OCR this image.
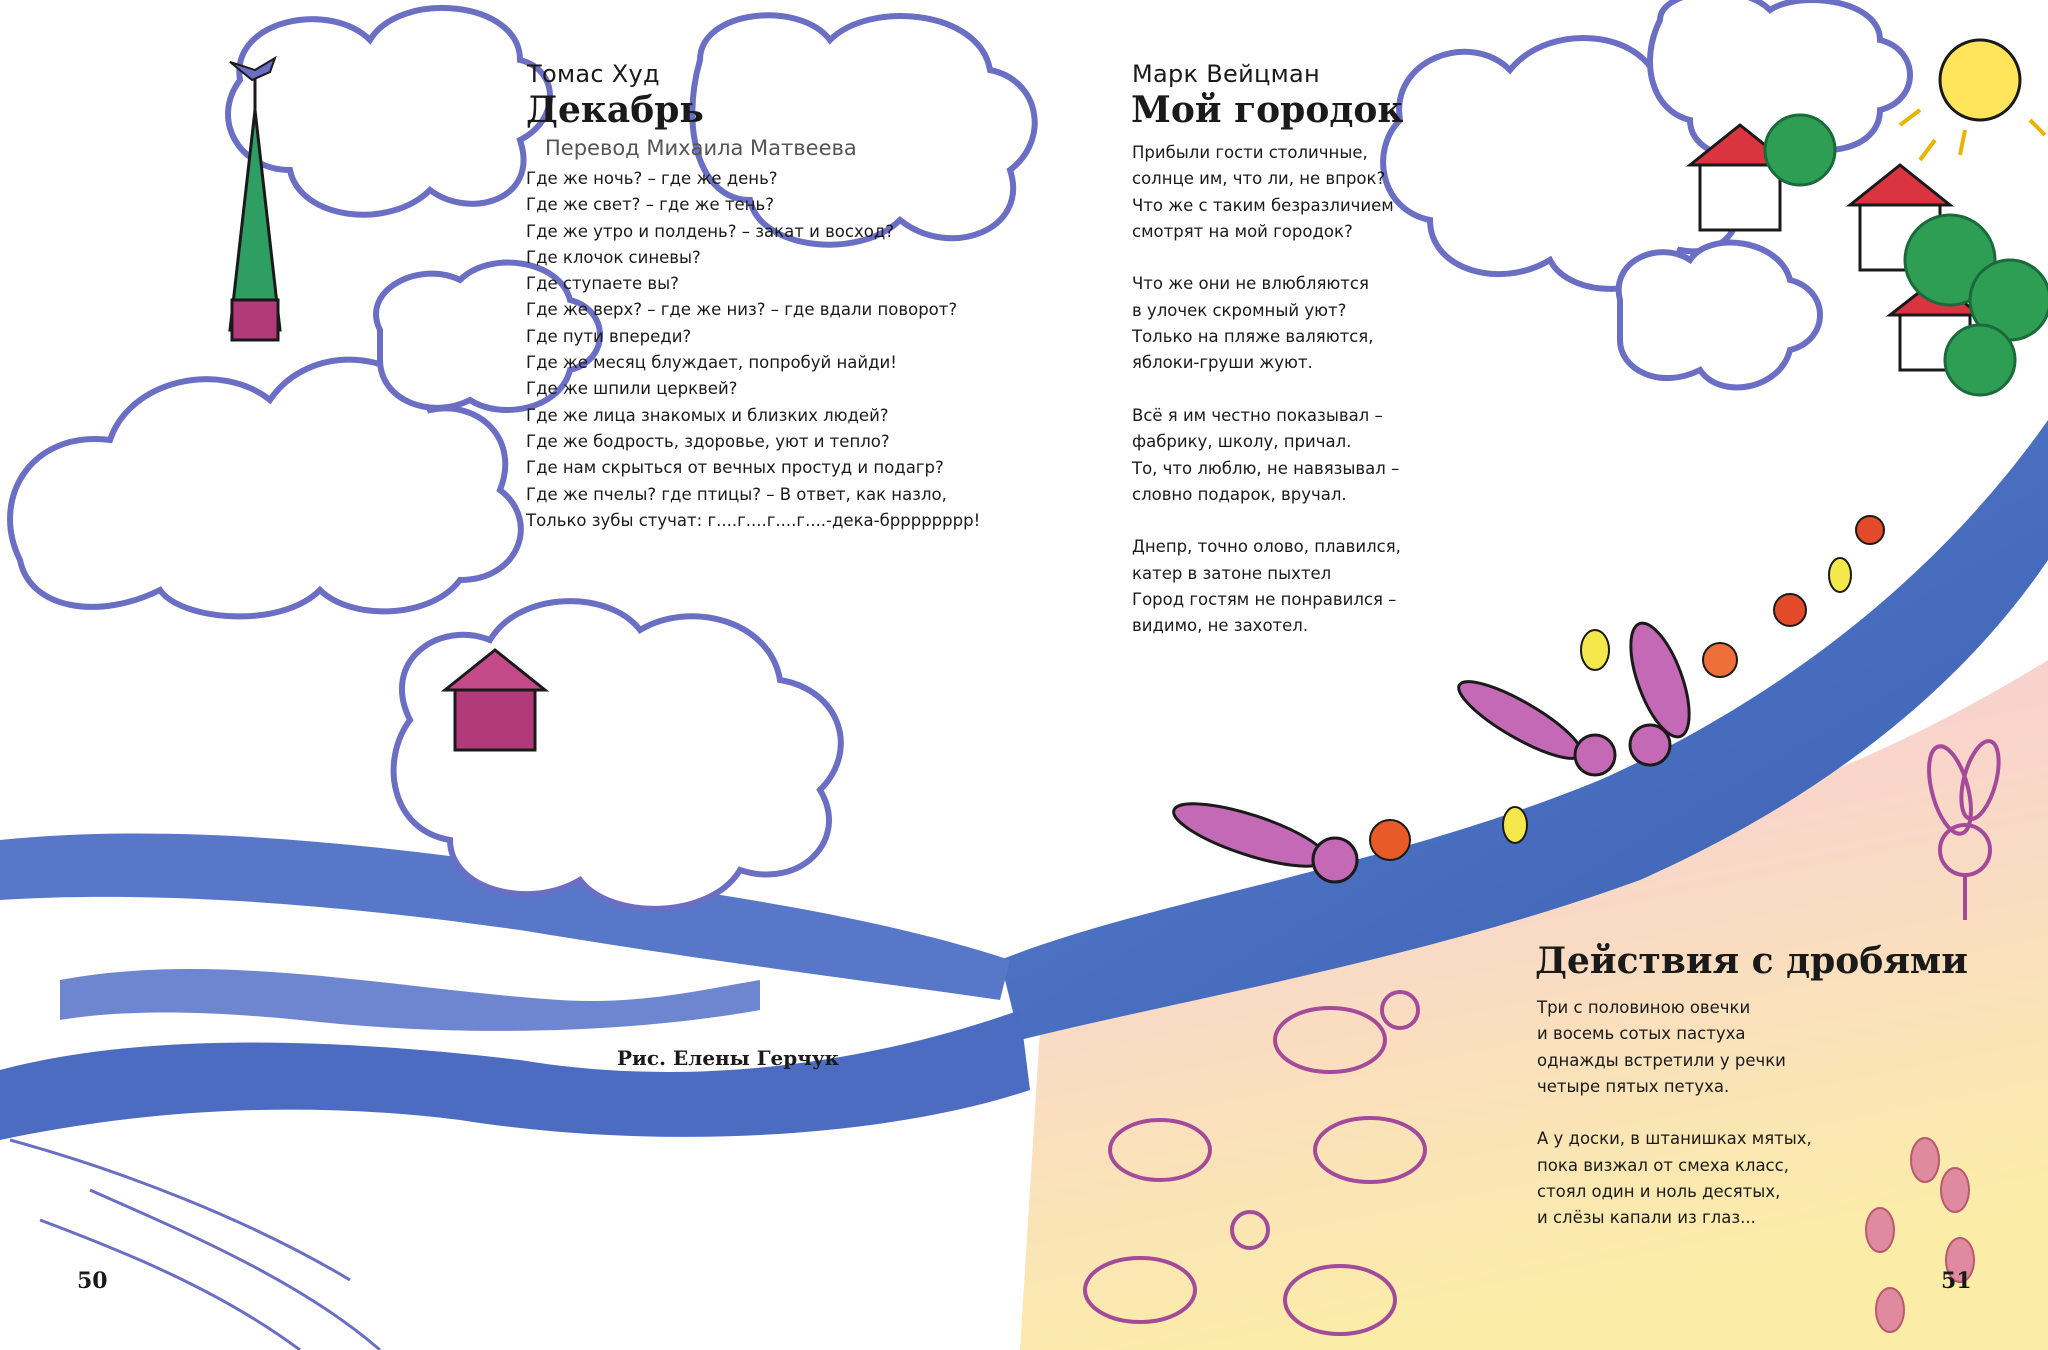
Томас Худ
Декабрь
Перевод Михаила Матвеева
Где же ночь? – где же день?
Где же свет? – где же тень?
Где же утро и полдень? – закат и восход?
Где клочок синевы?
Где ступаете вы?
Где же верх? – где же низ? – где вдали поворот?
Где пути впереди?
Где же месяц блуждает, попробуй найди!
Где же шпили церквей?
Где же лица знакомых и близких людей?
Где же бодрость, здоровье, уют и тепло?
Где нам скрыться от вечных простуд и подагр?
Где же пчелы? где птицы? – В ответ, как назло,
Только зубы стучат: г....г....г....г....-дека-брррррррр!
Рис. Елены Герчук
50
Марк Вейцман
Мой городок
Прибыли гости столичные,
солнце им, что ли, не впрок?
Что же с таким безразличием
смотрят на мой городок?
Что же они не влюбляются
в улочек скромный уют?
Только на пляже валяются,
яблоки-груши жуют.
Всё я им честно показывал –
фабрику, школу, причал.
То, что люблю, не навязывал –
словно подарок, вручал.
Днепр, точно олово, плавился,
катер в затоне пыхтел
Город гостям не понравился –
видимо, не захотел.
Действия с дробями
Три с половиною овечки
и восемь сотых пастуха
однажды встретили у речки
четыре пятых петуха.
А у доски, в штанишках мятых,
пока визжал от смеха класс,
стоял один и ноль десятых,
и слёзы капали из глаз...
51
